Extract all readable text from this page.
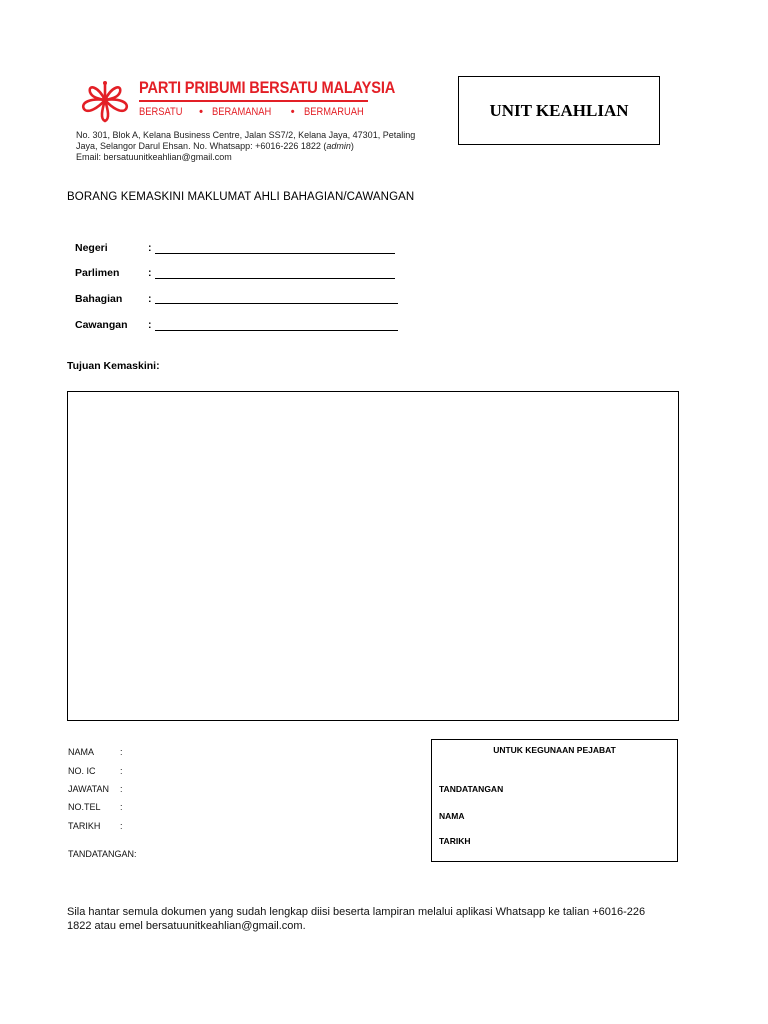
PARTI PRIBUMI BERSATU MALAYSIA
BERSATU • BERAMANAH • BERMARUAH
No. 301, Blok A, Kelana Business Centre, Jalan SS7/2, Kelana Jaya, 47301, Petaling
Jaya, Selangor Darul Ehsan. No. Whatsapp: +6016-226 1822 (admin)
Email: bersatuunitkeahlian@gmail.com
UNIT KEAHLIAN
BORANG KEMASKINI MAKLUMAT AHLI BAHAGIAN/CAWANGAN
Negeri	:
Parlimen	:
Bahagian :
Cawangan :
Tujuan Kemaskini:
NAMA	:
NO. IC	:
JAWATAN :
NO.TEL :
TARIKH :
TANDATANGAN:
UNTUK KEGUNAAN PEJABAT
TANDATANGAN
NAMA
TARIKH
Sila hantar semula dokumen yang sudah lengkap diisi beserta lampiran melalui aplikasi Whatsapp ke talian +6016-226 1822 atau emel bersatuunitkeahlian@gmail.com.
